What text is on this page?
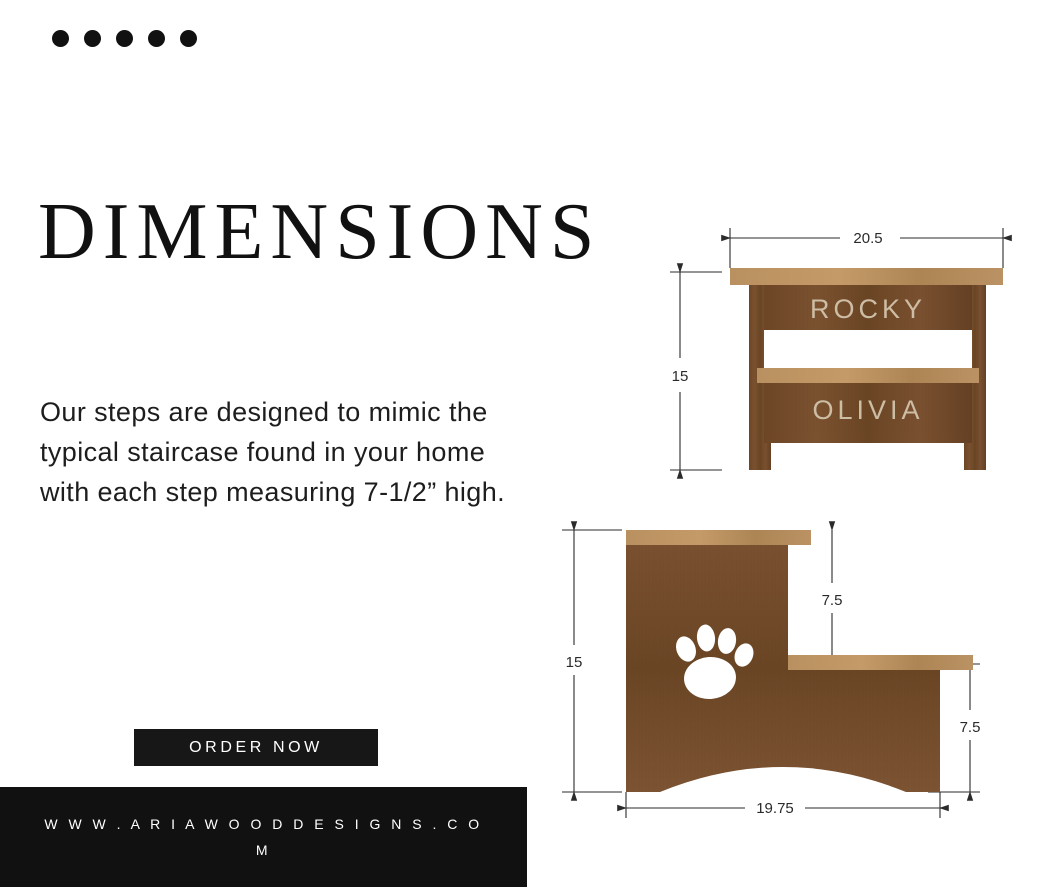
DIMENSIONS
Our steps are designed to mimic the typical staircase found in your home with each step measuring 7-1/2” high.
ORDER NOW
W W W . A R I A W O O D D E S I G N S . C O
M
20.5
15
ROCKY
OLIVIA
15
7.5
7.5
19.75
